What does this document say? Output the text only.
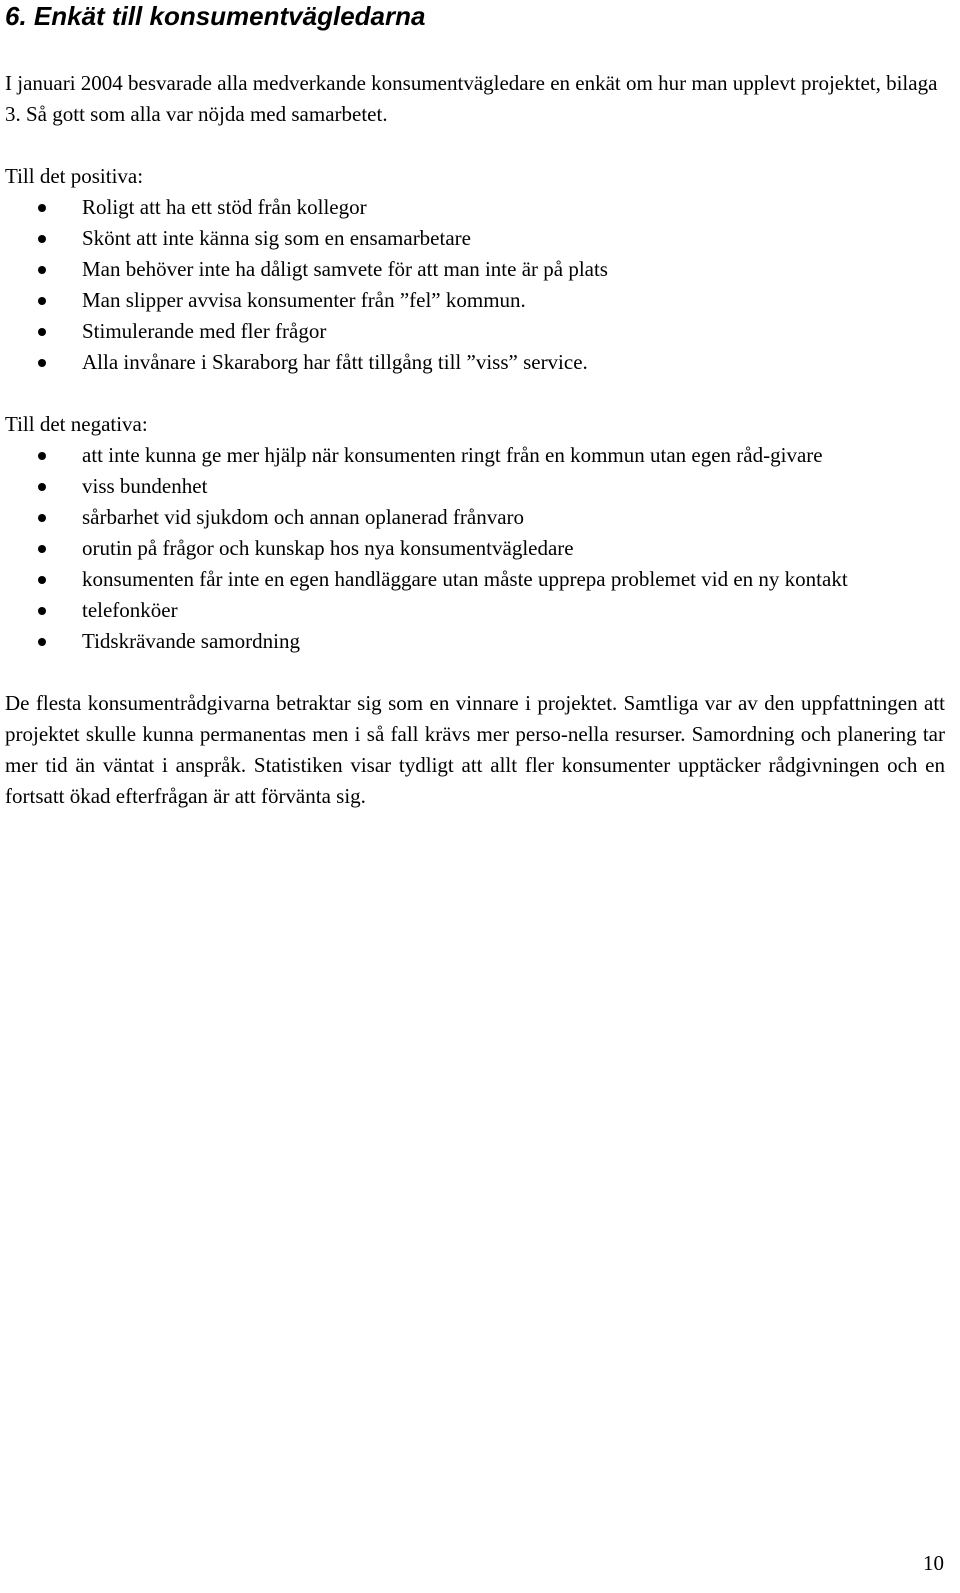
6. Enkät till konsumentvägledarna

I januari 2004 besvarade alla medverkande konsumentvägledare en enkät om hur man upplevt projektet, bilaga 3. Så gott som alla var nöjda med samarbetet.

Till det positiva:

Roligt att ha ett stöd från kollegor
Skönt att inte känna sig som en ensamarbetare
Man behöver inte ha dåligt samvete för att man inte är på plats
Man slipper avvisa konsumenter från ”fel” kommun.
Stimulerande med fler frågor
Alla invånare i Skaraborg har fått tillgång till ”viss” service.

Till det negativa:

att inte kunna ge mer hjälp när konsumenten ringt från en kommun utan egen råd-givare
viss bundenhet
sårbarhet vid sjukdom och annan oplanerad frånvaro
orutin på frågor och kunskap hos nya konsumentvägledare
konsumenten får inte en egen handläggare utan måste upprepa problemet vid en ny kontakt
telefonköer
Tidskrävande samordning

De flesta konsumentrådgivarna betraktar sig som en vinnare i projektet. Samtliga var av den uppfattningen att projektet skulle kunna permanentas men i så fall krävs mer perso-nella resurser. Samordning och planering tar mer tid än väntat i anspråk. Statistiken visar tydligt att allt fler konsumenter upptäcker rådgivningen och en fortsatt ökad efterfrågan är att förvänta sig.

10
